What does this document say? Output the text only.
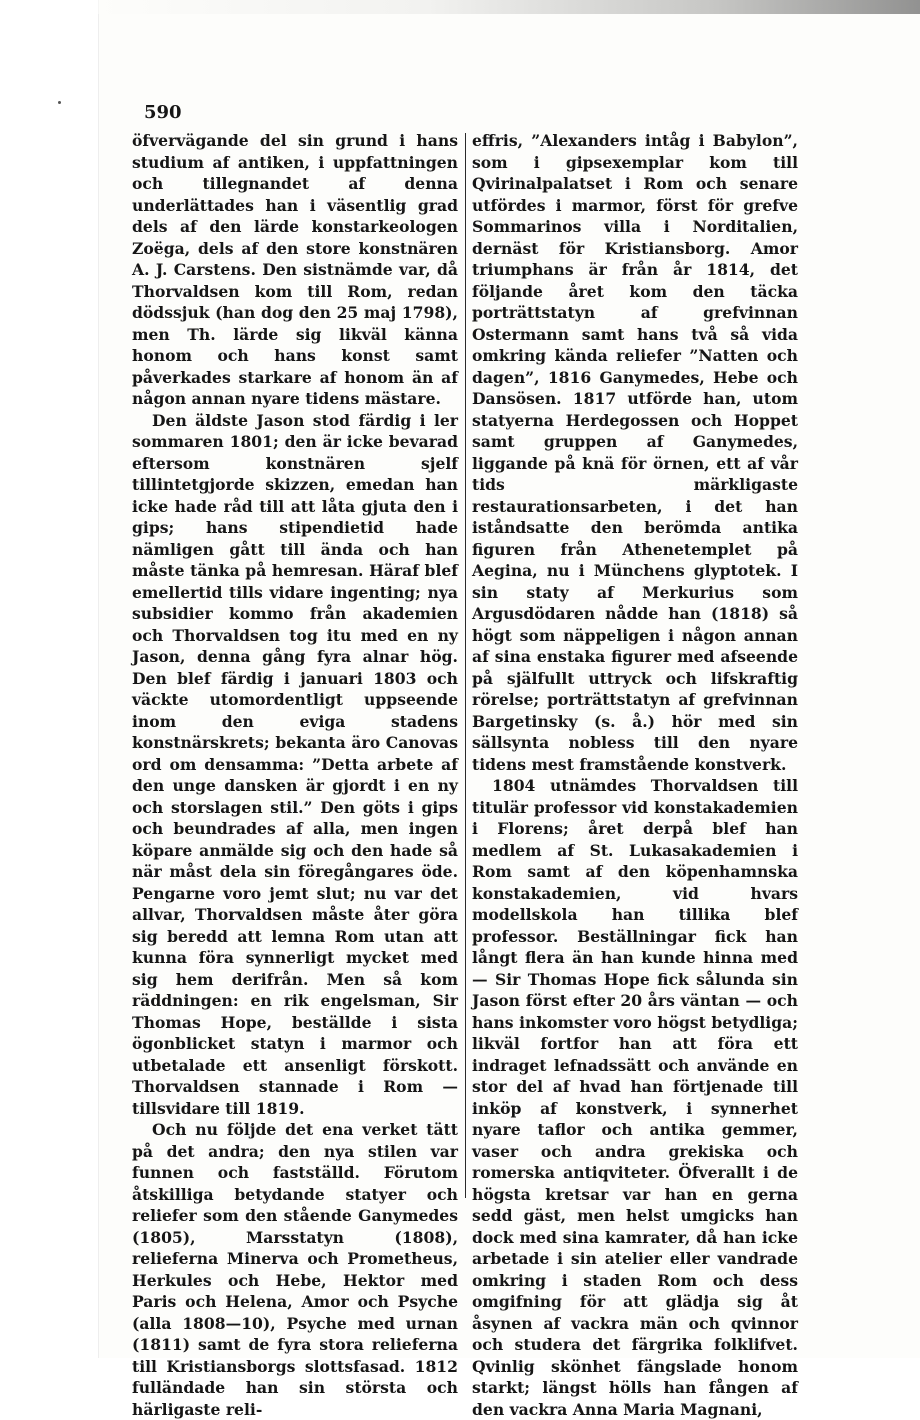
590

öfvervägande del sin grund i hans studium af antiken, i uppfattningen och tillegnandet af denna underlättades han i väsentlig grad dels af den lärde konstarkeologen Zoëga, dels af den store konstnären A. J. Carstens. Den sistnämde var, då Thorvaldsen kom till Rom, redan dödssjuk (han dog den 25 maj 1798), men Th. lärde sig likväl känna honom och hans konst samt påverkades starkare af honom än af någon annan nyare tidens mästare.

Den äldste Jason stod färdig i ler sommaren 1801; den är icke bevarad eftersom konstnären sjelf tillintetgjorde skizzen, emedan han icke hade råd till att låta gjuta den i gips; hans stipendietid hade nämligen gått till ända och han måste tänka på hemresan. Häraf blef emellertid tills vidare ingenting; nya subsidier kommo från akademien och Thorvaldsen tog itu med en ny Jason, denna gång fyra alnar hög. Den blef färdig i januari 1803 och väckte utomordentligt uppseende inom den eviga stadens konstnärskrets; bekanta äro Canovas ord om densamma: ”Detta arbete af den unge dansken är gjordt i en ny och storslagen stil.” Den göts i gips och beundrades af alla, men ingen köpare anmälde sig och den hade så när måst dela sin föregångares öde. Pengarne voro jemt slut; nu var det allvar, Thorvaldsen måste åter göra sig beredd att lemna Rom utan att kunna föra synnerligt mycket med sig hem derifrån. Men så kom räddningen: en rik engelsman, Sir Thomas Hope, beställde i sista ögonblicket statyn i marmor och utbetalade ett ansenligt förskott. Thorvaldsen stannade i Rom — tillsvidare till 1819.

Och nu följde det ena verket tätt på det andra; den nya stilen var funnen och fastställd. Förutom åtskilliga betydande statyer och reliefer som den stående Ganymedes (1805), Marsstatyn (1808), relieferna Minerva och Prometheus, Herkules och Hebe, Hektor med Paris och Helena, Amor och Psyche (alla 1808—10), Psyche med urnan (1811) samt de fyra stora relieferna till Kristiansborgs slottsfasad. 1812 fulländade han sin största och härligaste reli-

effris, ”Alexanders intåg i Babylon”, som i gipsexemplar kom till Qvirinalpalatset i Rom och senare utfördes i marmor, först för grefve Sommarinos villa i Norditalien, dernäst för Kristiansborg. Amor triumphans är från år 1814, det följande året kom den täcka porträttstatyn af grefvinnan Ostermann samt hans två så vida omkring kända reliefer ”Natten och dagen”, 1816 Ganymedes, Hebe och Dansösen. 1817 utförde han, utom statyerna Herdegossen och Hoppet samt gruppen af Ganymedes, liggande på knä för örnen, ett af vår tids märkligaste restaurationsarbeten, i det han iståndsatte den berömda antika figuren från Athenetemplet på Aegina, nu i Münchens glyptotek. I sin staty af Merkurius som Argusdödaren nådde han (1818) så högt som näppeligen i någon annan af sina enstaka figurer med afseende på själfullt uttryck och lifskraftig rörelse; porträttstatyn af grefvinnan Bargetinsky (s. å.) hör med sin sällsynta nobless till den nyare tidens mest framstående konstverk.

1804 utnämdes Thorvaldsen till titulär professor vid konstakademien i Florens; året derpå blef han medlem af St. Lukasakademien i Rom samt af den köpenhamnska konstakademien, vid hvars modellskola han tillika blef professor. Beställningar fick han långt flera än han kunde hinna med — Sir Thomas Hope fick sålunda sin Jason först efter 20 års väntan — och hans inkomster voro högst betydliga; likväl fortfor han att föra ett indraget lefnadssätt och använde en stor del af hvad han förtjenade till inköp af konstverk, i synnerhet nyare taflor och antika gemmer, vaser och andra grekiska och romerska antiqviteter. Öfverallt i de högsta kretsar var han en gerna sedd gäst, men helst umgicks han dock med sina kamrater, då han icke arbetade i sin atelier eller vandrade omkring i staden Rom och dess omgifning för att glädja sig åt åsynen af vackra män och qvinnor och studera det färgrika folklifvet. Qvinlig skönhet fängslade honom starkt; längst hölls han fången af den vackra Anna Maria Magnani,
